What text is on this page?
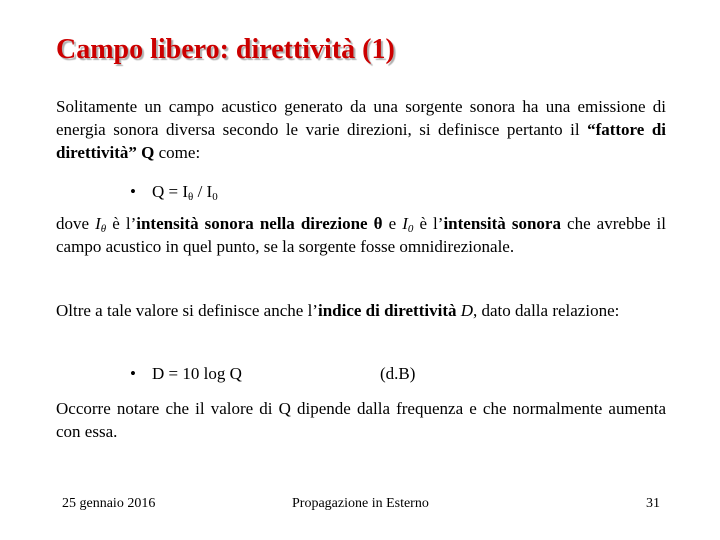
Campo libero: direttività (1)
Solitamente un campo acustico generato da una sorgente sonora ha una emissione di energia sonora diversa secondo le varie direzioni, si definisce pertanto il “fattore di direttività” Q come:
• $Q = I_\theta / I_0$
dove $I_\theta$ è l’intensità sonora nella direzione θ e $I_0$ è l’intensità sonora che avrebbe il campo acustico in quel punto, se la sorgente fosse omnidirezionale.
Oltre a tale valore si definisce anche l’indice di direttività D, dato dalla relazione:
• D = 10 log Q	(d.B)
Occorre notare che il valore di Q dipende dalla frequenza e che normalmente aumenta con essa.
25 gennaio 2016	Propagazione in Esterno	31
